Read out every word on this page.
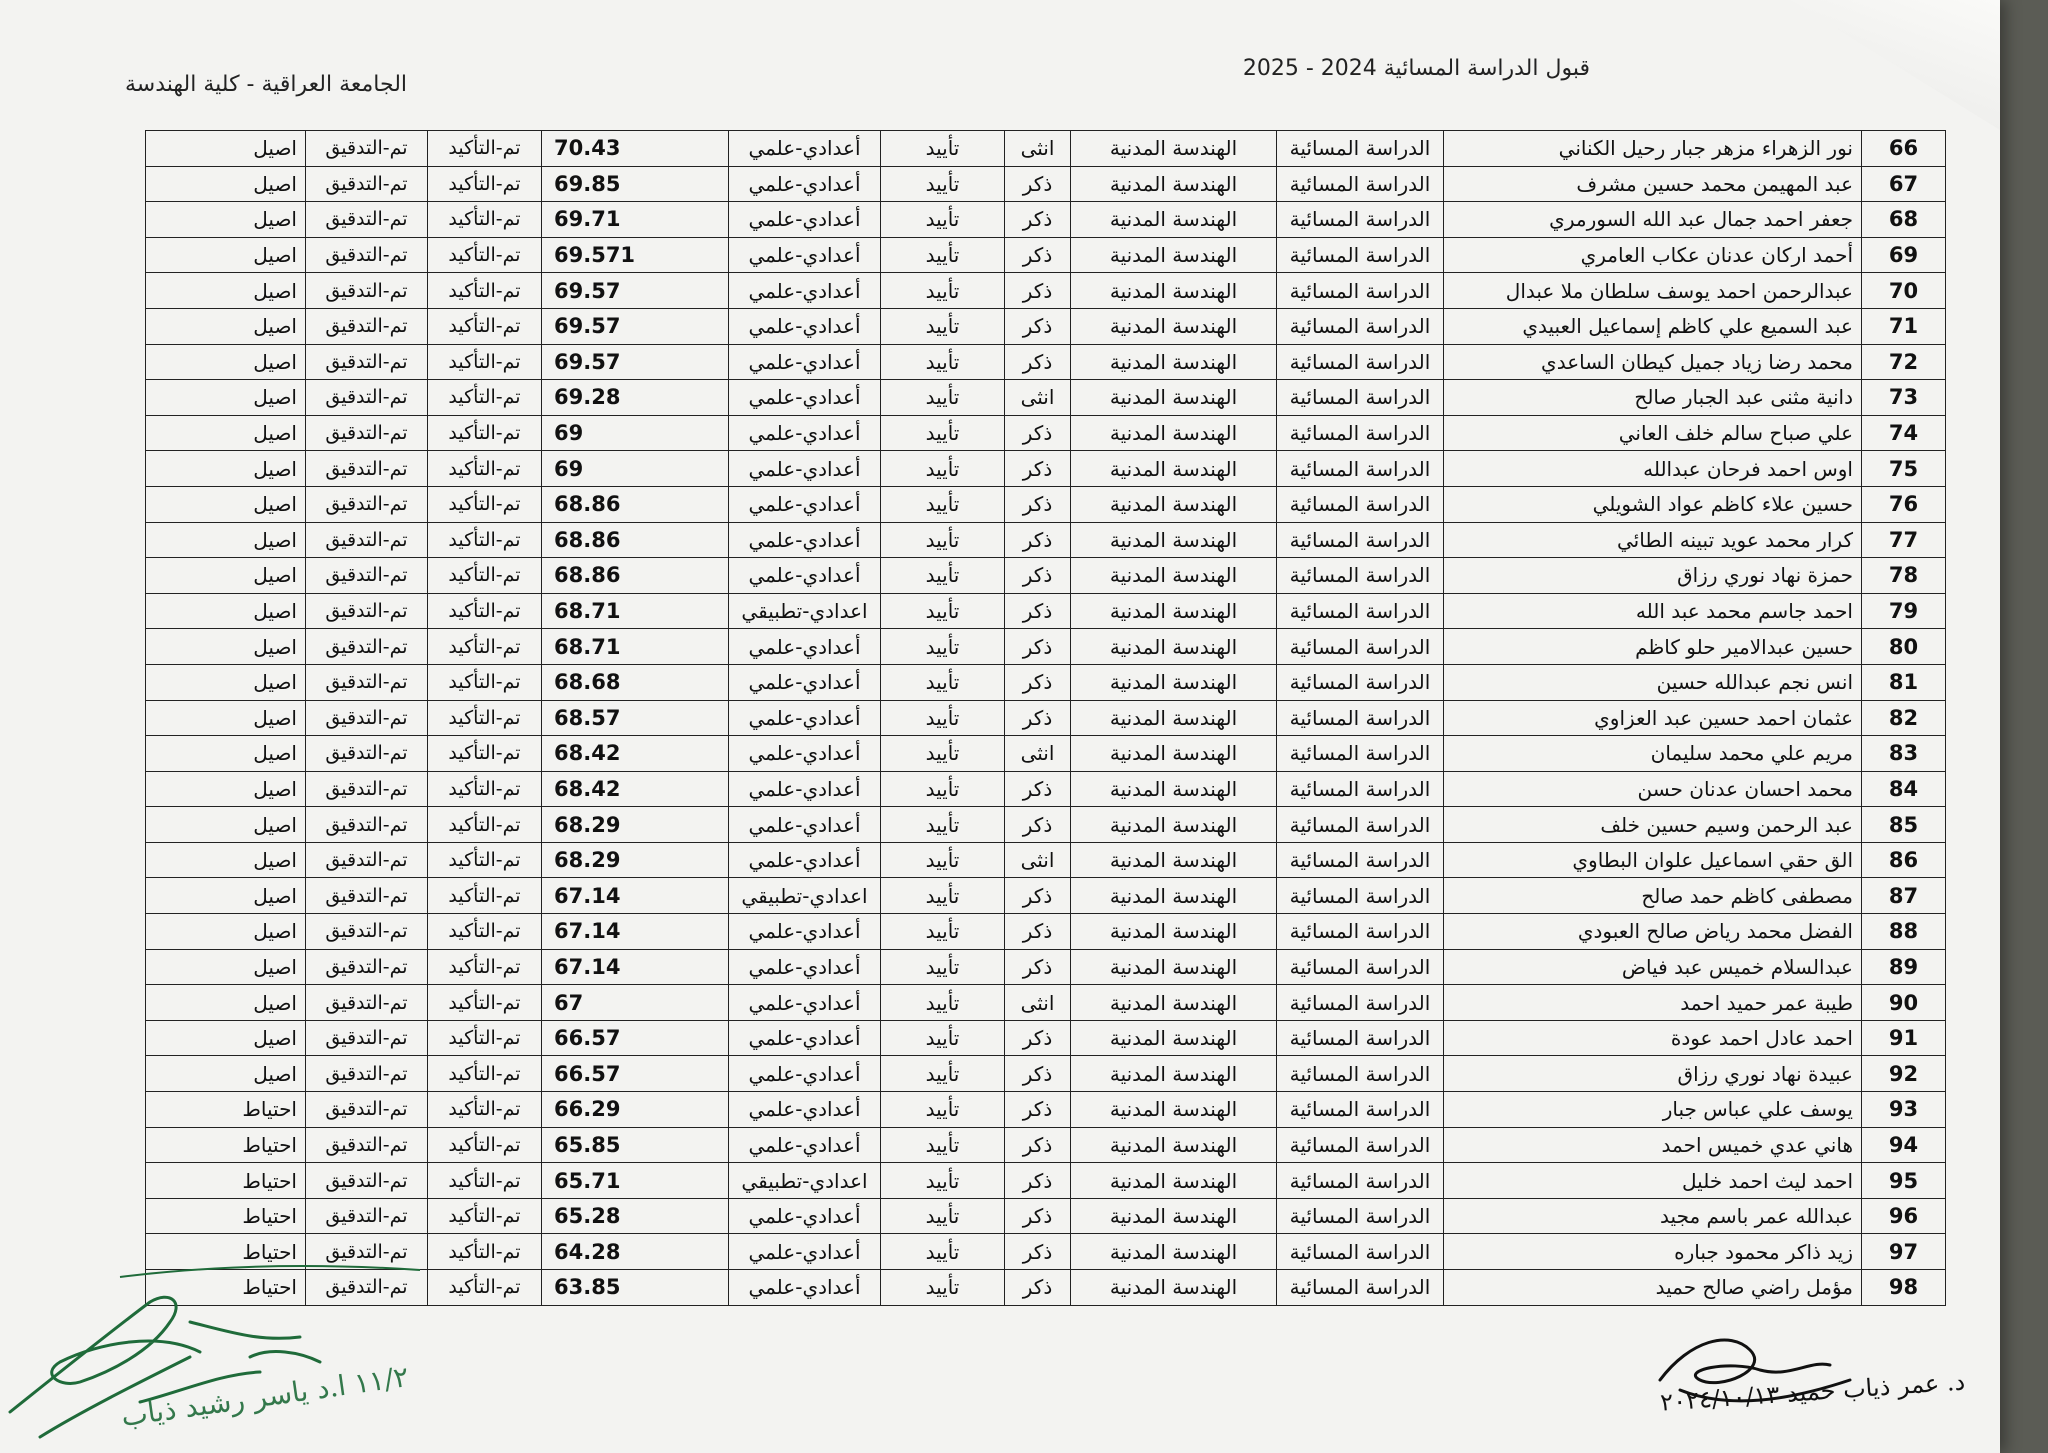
قبول الدراسة المسائية 2024 - 2025
الجامعة العراقية - كلية الهندسة
66	نور الزهراء مزهر جبار رحيل الكناني	الدراسة المسائية	الهندسة المدنية	انثى	تأييد	أعدادي-علمي	70.43	تم-التأكيد	تم-التدقيق	اصيل
67	عبد المهيمن محمد حسين مشرف	الدراسة المسائية	الهندسة المدنية	ذكر	تأييد	أعدادي-علمي	69.85	تم-التأكيد	تم-التدقيق	اصيل
68	جعفر احمد جمال عبد الله السورمري	الدراسة المسائية	الهندسة المدنية	ذكر	تأييد	أعدادي-علمي	69.71	تم-التأكيد	تم-التدقيق	اصيل
69	أحمد اركان عدنان عكاب العامري	الدراسة المسائية	الهندسة المدنية	ذكر	تأييد	أعدادي-علمي	69.571	تم-التأكيد	تم-التدقيق	اصيل
70	عبدالرحمن احمد يوسف سلطان ملا عبدال	الدراسة المسائية	الهندسة المدنية	ذكر	تأييد	أعدادي-علمي	69.57	تم-التأكيد	تم-التدقيق	اصيل
71	عبد السميع علي كاظم إسماعيل العبيدي	الدراسة المسائية	الهندسة المدنية	ذكر	تأييد	أعدادي-علمي	69.57	تم-التأكيد	تم-التدقيق	اصيل
72	محمد رضا زياد جميل كيطان الساعدي	الدراسة المسائية	الهندسة المدنية	ذكر	تأييد	أعدادي-علمي	69.57	تم-التأكيد	تم-التدقيق	اصيل
73	دانية مثنى عبد الجبار صالح	الدراسة المسائية	الهندسة المدنية	انثى	تأييد	أعدادي-علمي	69.28	تم-التأكيد	تم-التدقيق	اصيل
74	علي صباح سالم خلف العاني	الدراسة المسائية	الهندسة المدنية	ذكر	تأييد	أعدادي-علمي	69	تم-التأكيد	تم-التدقيق	اصيل
75	اوس احمد فرحان عبدالله	الدراسة المسائية	الهندسة المدنية	ذكر	تأييد	أعدادي-علمي	69	تم-التأكيد	تم-التدقيق	اصيل
76	حسين علاء كاظم عواد الشويلي	الدراسة المسائية	الهندسة المدنية	ذكر	تأييد	أعدادي-علمي	68.86	تم-التأكيد	تم-التدقيق	اصيل
77	كرار محمد عويد تبينه الطائي	الدراسة المسائية	الهندسة المدنية	ذكر	تأييد	أعدادي-علمي	68.86	تم-التأكيد	تم-التدقيق	اصيل
78	حمزة نهاد نوري رزاق	الدراسة المسائية	الهندسة المدنية	ذكر	تأييد	أعدادي-علمي	68.86	تم-التأكيد	تم-التدقيق	اصيل
79	احمد جاسم محمد عبد الله	الدراسة المسائية	الهندسة المدنية	ذكر	تأييد	اعدادي-تطبيقي	68.71	تم-التأكيد	تم-التدقيق	اصيل
80	حسين عبدالامير حلو كاظم	الدراسة المسائية	الهندسة المدنية	ذكر	تأييد	أعدادي-علمي	68.71	تم-التأكيد	تم-التدقيق	اصيل
81	انس نجم عبدالله حسين	الدراسة المسائية	الهندسة المدنية	ذكر	تأييد	أعدادي-علمي	68.68	تم-التأكيد	تم-التدقيق	اصيل
82	عثمان احمد حسين عبد العزاوي	الدراسة المسائية	الهندسة المدنية	ذكر	تأييد	أعدادي-علمي	68.57	تم-التأكيد	تم-التدقيق	اصيل
83	مريم علي محمد سليمان	الدراسة المسائية	الهندسة المدنية	انثى	تأييد	أعدادي-علمي	68.42	تم-التأكيد	تم-التدقيق	اصيل
84	محمد احسان عدنان حسن	الدراسة المسائية	الهندسة المدنية	ذكر	تأييد	أعدادي-علمي	68.42	تم-التأكيد	تم-التدقيق	اصيل
85	عبد الرحمن وسيم حسين خلف	الدراسة المسائية	الهندسة المدنية	ذكر	تأييد	أعدادي-علمي	68.29	تم-التأكيد	تم-التدقيق	اصيل
86	الق حقي اسماعيل علوان البطاوي	الدراسة المسائية	الهندسة المدنية	انثى	تأييد	أعدادي-علمي	68.29	تم-التأكيد	تم-التدقيق	اصيل
87	مصطفى كاظم حمد صالح	الدراسة المسائية	الهندسة المدنية	ذكر	تأييد	اعدادي-تطبيقي	67.14	تم-التأكيد	تم-التدقيق	اصيل
88	الفضل محمد رياض صالح العبودي	الدراسة المسائية	الهندسة المدنية	ذكر	تأييد	أعدادي-علمي	67.14	تم-التأكيد	تم-التدقيق	اصيل
89	عبدالسلام خميس عبد فياض	الدراسة المسائية	الهندسة المدنية	ذكر	تأييد	أعدادي-علمي	67.14	تم-التأكيد	تم-التدقيق	اصيل
90	طيبة عمر حميد احمد	الدراسة المسائية	الهندسة المدنية	انثى	تأييد	أعدادي-علمي	67	تم-التأكيد	تم-التدقيق	اصيل
91	احمد عادل احمد عودة	الدراسة المسائية	الهندسة المدنية	ذكر	تأييد	أعدادي-علمي	66.57	تم-التأكيد	تم-التدقيق	اصيل
92	عبيدة نهاد نوري رزاق	الدراسة المسائية	الهندسة المدنية	ذكر	تأييد	أعدادي-علمي	66.57	تم-التأكيد	تم-التدقيق	اصيل
93	يوسف علي عباس جبار	الدراسة المسائية	الهندسة المدنية	ذكر	تأييد	أعدادي-علمي	66.29	تم-التأكيد	تم-التدقيق	احتياط
94	هاني عدي خميس احمد	الدراسة المسائية	الهندسة المدنية	ذكر	تأييد	أعدادي-علمي	65.85	تم-التأكيد	تم-التدقيق	احتياط
95	احمد ليث احمد خليل	الدراسة المسائية	الهندسة المدنية	ذكر	تأييد	اعدادي-تطبيقي	65.71	تم-التأكيد	تم-التدقيق	احتياط
96	عبدالله عمر باسم مجيد	الدراسة المسائية	الهندسة المدنية	ذكر	تأييد	أعدادي-علمي	65.28	تم-التأكيد	تم-التدقيق	احتياط
97	زيد ذاكر محمود جباره	الدراسة المسائية	الهندسة المدنية	ذكر	تأييد	أعدادي-علمي	64.28	تم-التأكيد	تم-التدقيق	احتياط
98	مؤمل راضي صالح حميد	الدراسة المسائية	الهندسة المدنية	ذكر	تأييد	أعدادي-علمي	63.85	تم-التأكيد	تم-التدقيق	احتياط
١١/٢ ا.د ياسر رشيد ذياب	د. عمر ذياب حميد ٢٠٢٤/١٠/١٣
